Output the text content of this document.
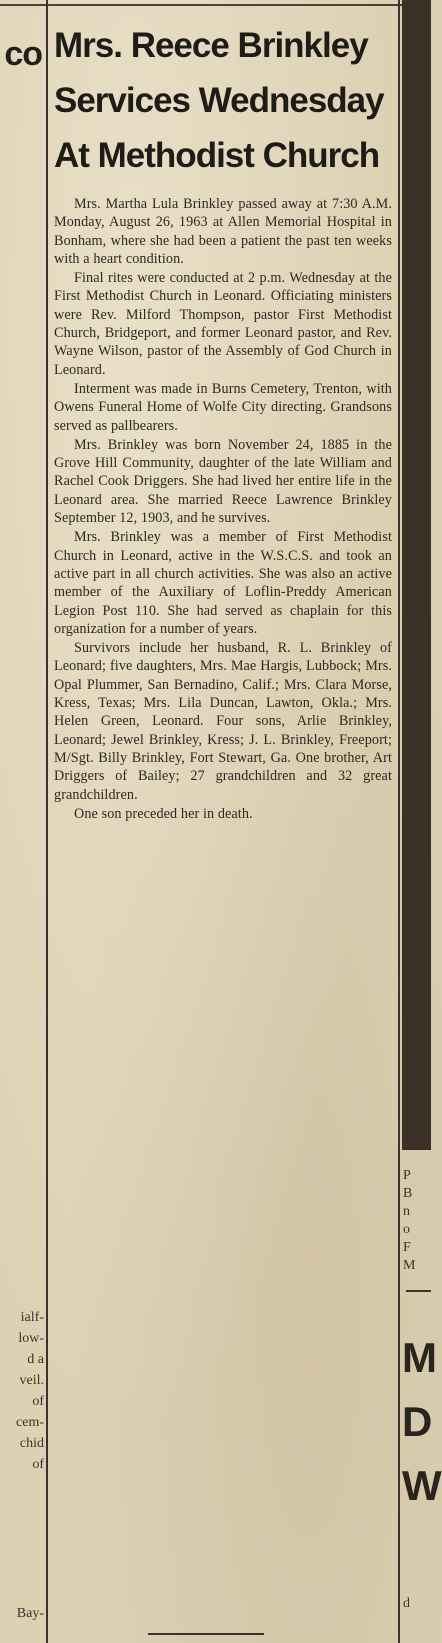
co
ialf-
low-
d a
veil.
of
cem-
chid
of
Bay-
P
B
n
o
F
M
M
D
W
d
Mrs. Reece Brinkley
Services Wednesday
At Methodist Church

Mrs. Martha Lula Brinkley passed away at 7:30 A.M. Monday, August 26, 1963 at Allen Memorial Hospital in Bonham, where she had been a patient the past ten weeks with a heart condition.

Final rites were conducted at 2 p.m. Wednesday at the First Methodist Church in Leonard. Officiating ministers were Rev. Milford Thompson, pastor First Methodist Church, Bridgeport, and former Leonard pastor, and Rev. Wayne Wilson, pastor of the Assembly of God Church in Leonard.

Interment was made in Burns Cemetery, Trenton, with Owens Funeral Home of Wolfe City directing. Grandsons served as pallbearers.

Mrs. Brinkley was born November 24, 1885 in the Grove Hill Community, daughter of the late William and Rachel Cook Driggers. She had lived her entire life in the Leonard area. She married Reece Lawrence Brinkley September 12, 1903, and he survives.

Mrs. Brinkley was a member of First Methodist Church in Leonard, active in the W.S.C.S. and took an active part in all church activities. She was also an active member of the Auxiliary of Loflin-Preddy American Legion Post 110. She had served as chaplain for this organization for a number of years.

Survivors include her husband, R. L. Brinkley of Leonard; five daughters, Mrs. Mae Hargis, Lubbock; Mrs. Opal Plummer, San Bernadino, Calif.; Mrs. Clara Morse, Kress, Texas; Mrs. Lila Duncan, Lawton, Okla.; Mrs. Helen Green, Leonard. Four sons, Arlie Brinkley, Leonard; Jewel Brinkley, Kress; J. L. Brinkley, Freeport; M/Sgt. Billy Brinkley, Fort Stewart, Ga. One brother, Art Driggers of Bailey; 27 grandchildren and 32 great grandchildren.

One son preceded her in death.
